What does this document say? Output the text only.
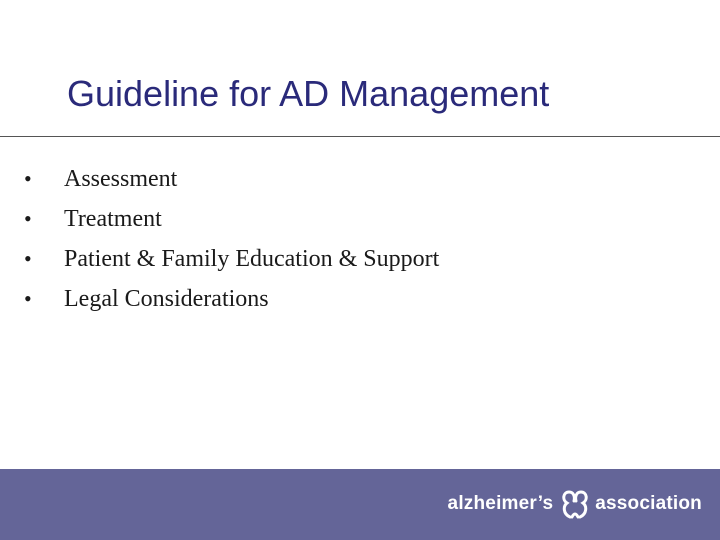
Guideline for AD Management
•	Assessment
•	Treatment
•	Patient & Family Education & Support
•	Legal Considerations
alzheimer’s association
